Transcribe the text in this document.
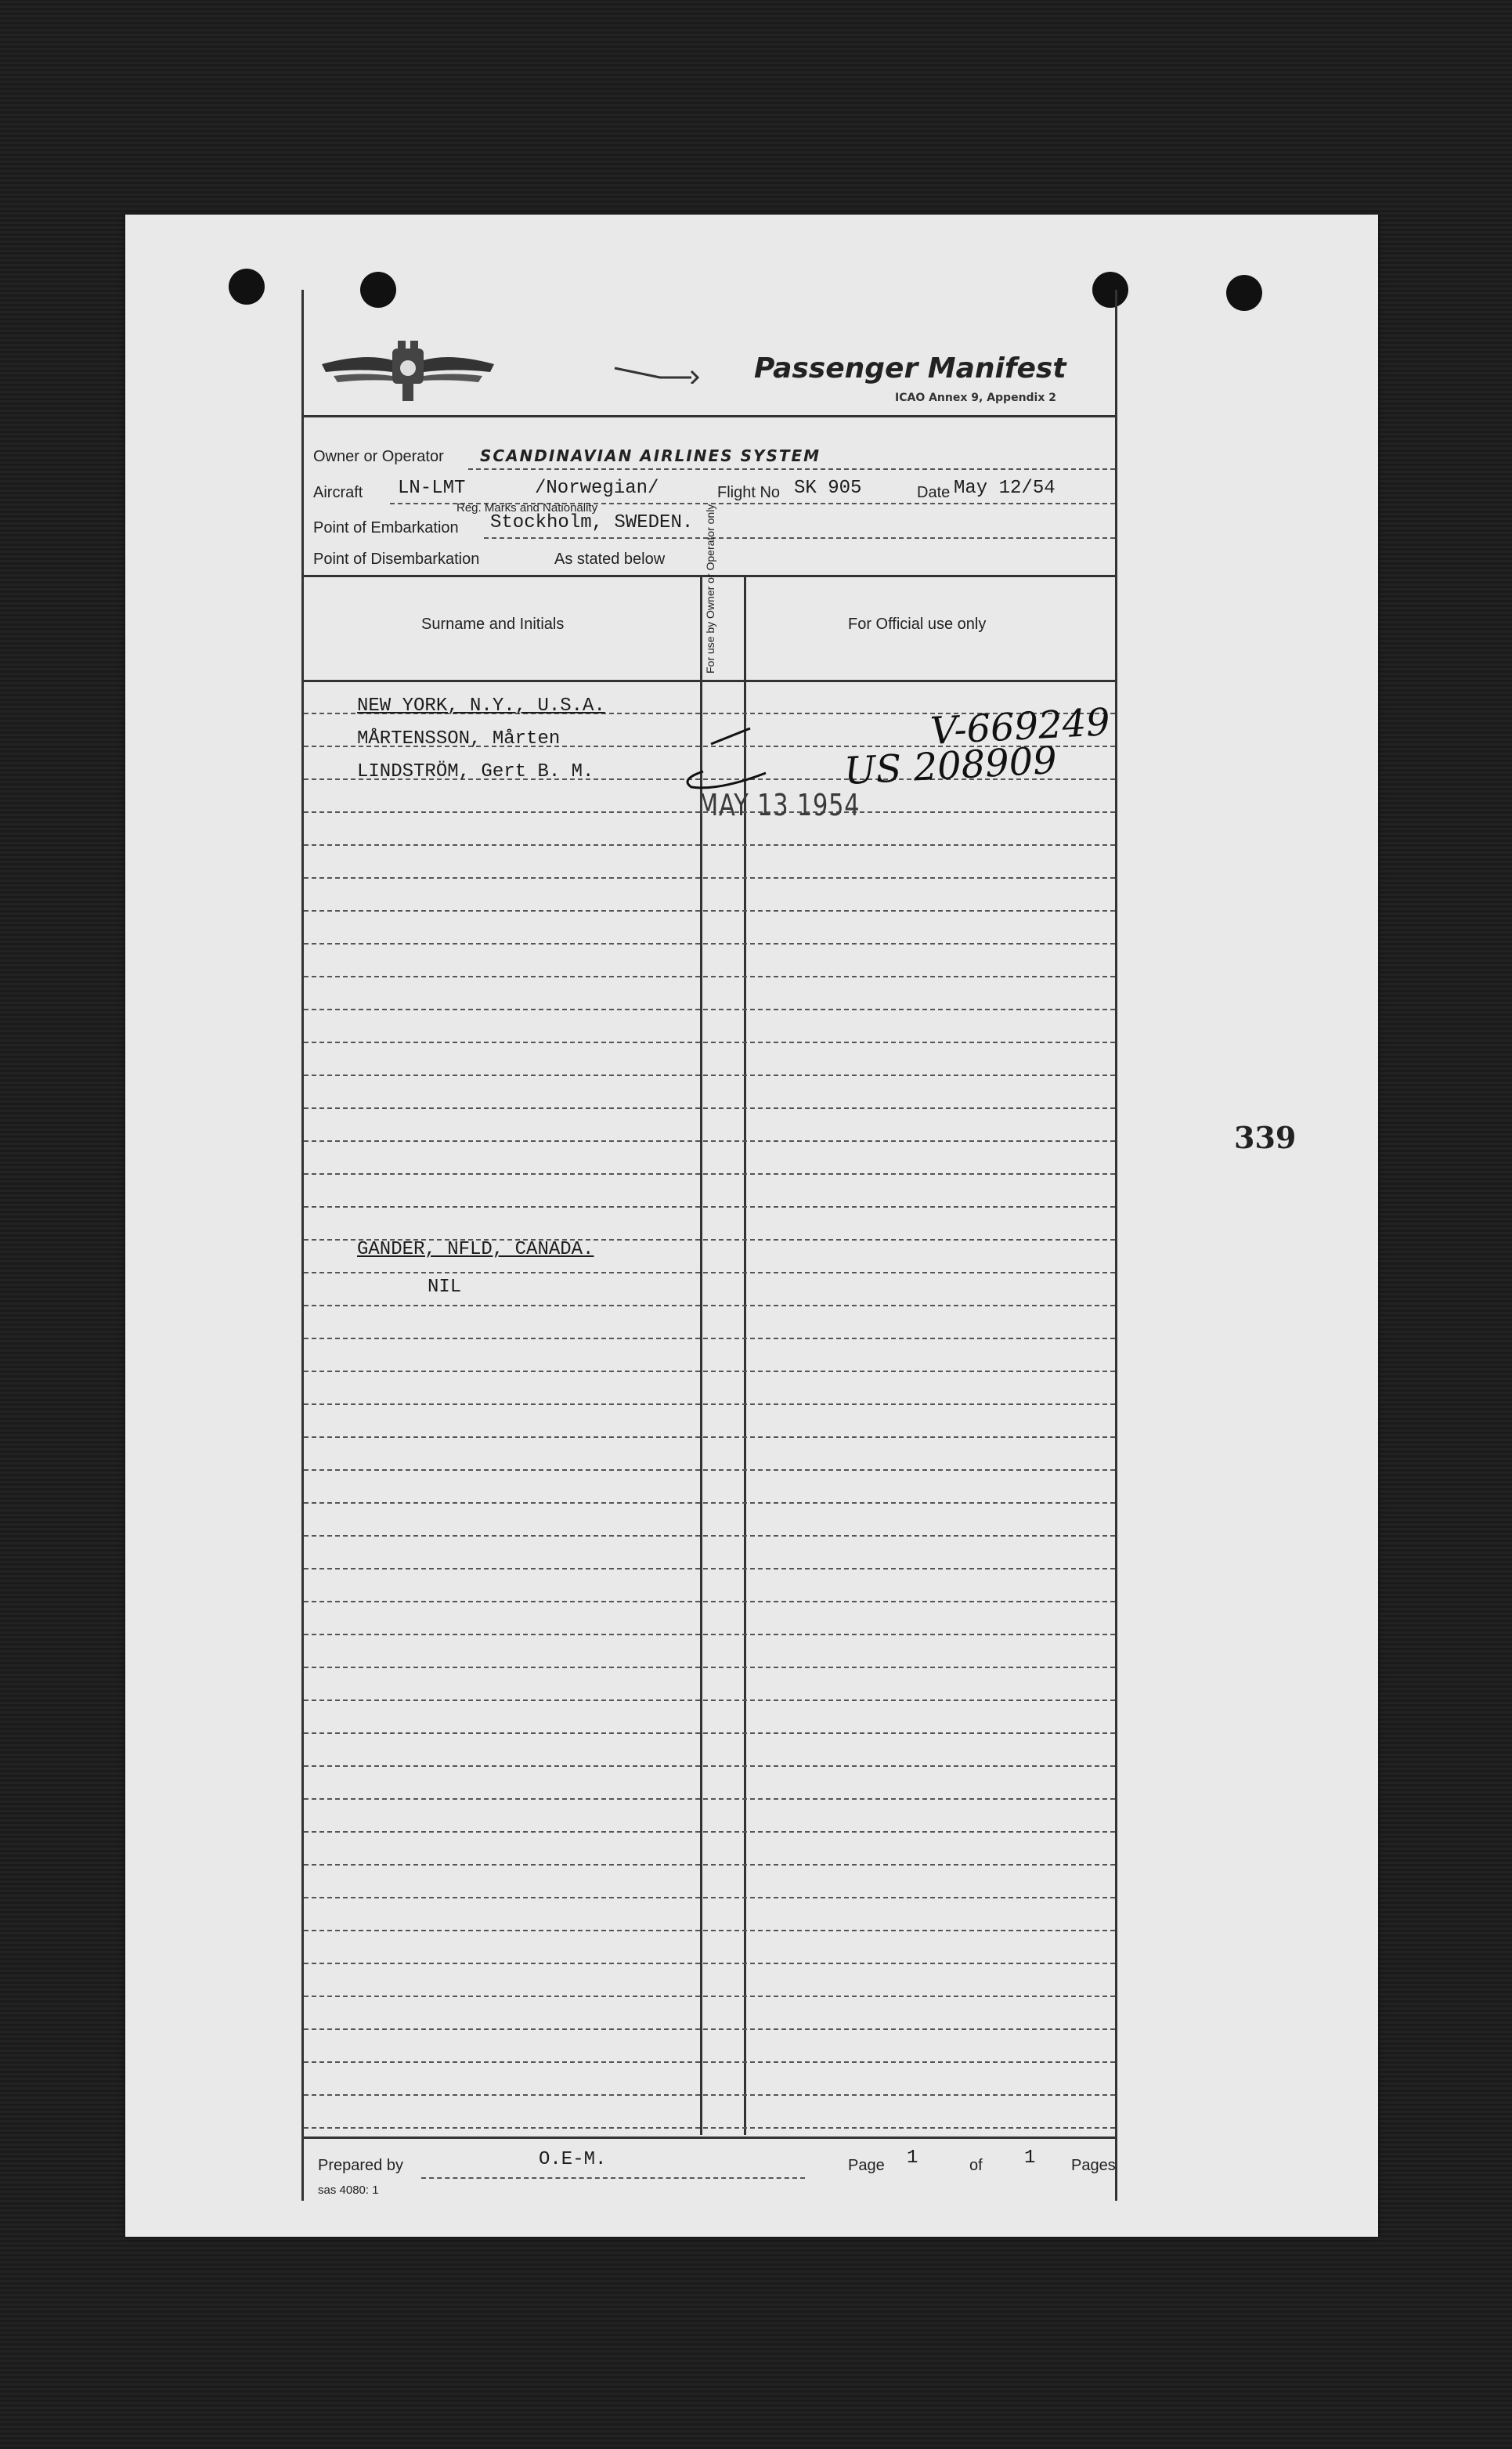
Passenger Manifest
ICAO Annex 9, Appendix 2
Owner or Operator SCANDINAVIAN AIRLINES SYSTEM
Aircraft LN-LMT	/Norwegian/	Flight No SK 905	Date May 12/54
Reg. Marks and Nationality
Point of Embarkation Stockholm, SWEDEN.
Point of Disembarkation	As stated below
Surname and Initials	For use by Owner or Operator only	For Official use only
NEW YORK, N.Y., U.S.A.
MÅRTENSSON, Mårten
LINDSTRÖM, Gert B. M.
V-669249
US 208909
MAY 13 1954
GANDER, NFLD, CANADA.
NIL
Prepared by	O.E-M.	Page 1	of 1 Pages
sas 4080: 1
339
